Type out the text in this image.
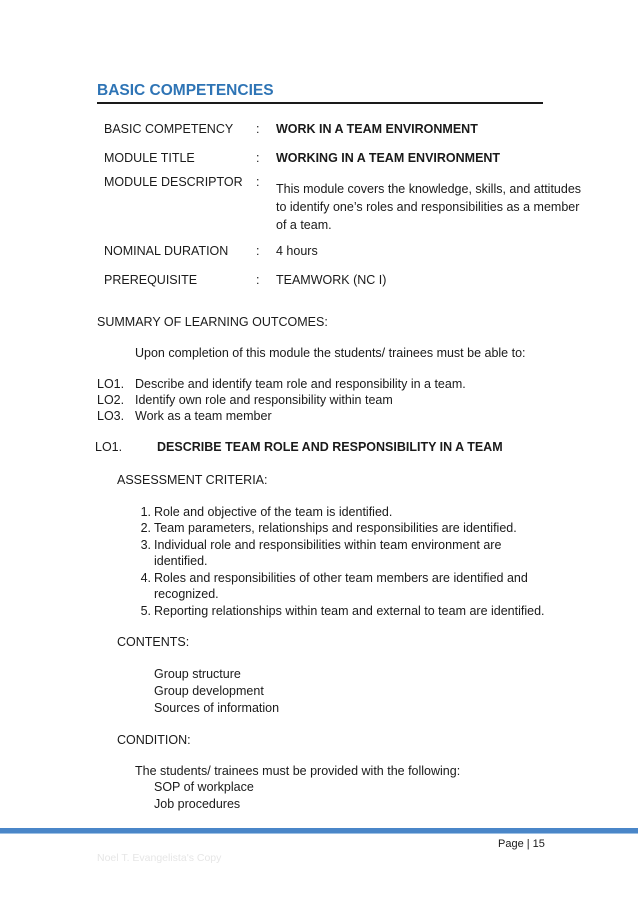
BASIC COMPETENCIES
BASIC COMPETENCY : WORK IN A TEAM ENVIRONMENT
MODULE TITLE	: WORKING IN A TEAM ENVIRONMENT
MODULE DESCRIPTOR : This module covers the knowledge, skills, and attitudes to identify one’s roles and responsibilities as a member of a team.
NOMINAL DURATION : 4 hours
PREREQUISITE	: TEAMWORK (NC I)
SUMMARY OF LEARNING OUTCOMES:
Upon completion of this module the students/ trainees must be able to:
LO1. Describe and identify team role and responsibility in a team.
LO2. Identify own role and responsibility within team
LO3. Work as a team member
LO1.	DESCRIBE TEAM ROLE AND RESPONSIBILITY IN A TEAM
ASSESSMENT CRITERIA:
1. Role and objective of the team is identified.
2. Team parameters, relationships and responsibilities are identified.
3. Individual role and responsibilities within team environment are
identified.
4. Roles and responsibilities of other team members are identified and
recognized.
5. Reporting relationships within team and external to team are identified.
CONTENTS:
Group structure
Group development
Sources of information
CONDITION:
The students/ trainees must be provided with the following:
SOP of workplace
Job procedures
Page | 15
Noel T. Evangelista's Copy
